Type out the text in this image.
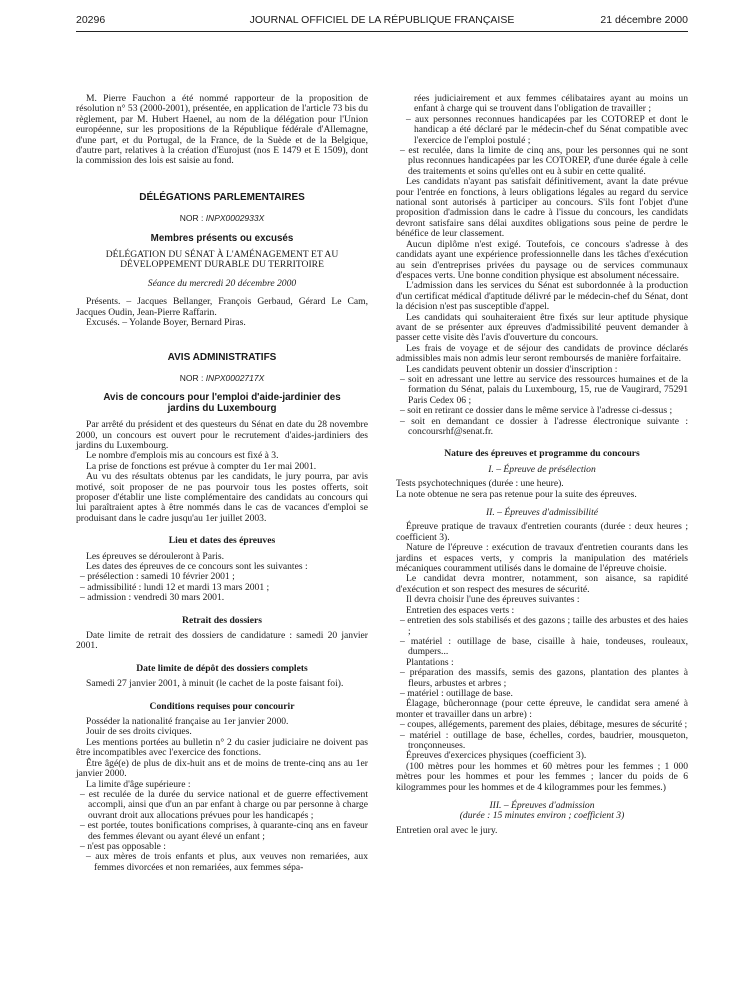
20296	JOURNAL OFFICIEL DE LA RÉPUBLIQUE FRANÇAISE	21 décembre 2000

M. Pierre Fauchon a été nommé rapporteur de la proposition de résolution n° 53 (2000-2001), présentée, en application de l'article 73 bis du règlement, par M. Hubert Haenel, au nom de la délégation pour l'Union européenne, sur les propositions de la République fédérale d'Allemagne, d'une part, et du Portugal, de la France, de la Suède et de la Belgique, d'autre part, relatives à la création d'Eurojust (nos E 1479 et E 1509), dont la commission des lois est saisie au fond.

DÉLÉGATIONS PARLEMENTAIRES
NOR : INPX0002933X
Membres présents ou excusés

DÉLÉGATION DU SÉNAT À L'AMÉNAGEMENT ET AU DÉVELOPPEMENT DURABLE DU TERRITOIRE

Séance du mercredi 20 décembre 2000

Présents. – Jacques Bellanger, François Gerbaud, Gérard Le Cam, Jacques Oudin, Jean-Pierre Raffarin.

Excusés. – Yolande Boyer, Bernard Piras.

AVIS ADMINISTRATIFS
NOR : INPX0002717X
Avis de concours pour l'emploi d'aide-jardinier des jardins du Luxembourg

Par arrêté du président et des questeurs du Sénat en date du 28 novembre 2000, un concours est ouvert pour le recrutement d'aides-jardiniers des jardins du Luxembourg.

Le nombre d'emplois mis au concours est fixé à 3.

La prise de fonctions est prévue à compter du 1er mai 2001.

Au vu des résultats obtenus par les candidats, le jury pourra, par avis motivé, soit proposer de ne pas pourvoir tous les postes offerts, soit proposer d'établir une liste complémentaire des candidats au concours qui lui paraîtraient aptes à être nommés dans le cas de vacances d'emploi se produisant dans le cadre jusqu'au 1er juillet 2003.

Lieu et dates des épreuves

Les épreuves se dérouleront à Paris.

Les dates des épreuves de ce concours sont les suivantes :

– présélection : samedi 10 février 2001 ;

– admissibilité : lundi 12 et mardi 13 mars 2001 ;

– admission : vendredi 30 mars 2001.

Retrait des dossiers

Date limite de retrait des dossiers de candidature : samedi 20 janvier 2001.

Date limite de dépôt des dossiers complets

Samedi 27 janvier 2001, à minuit (le cachet de la poste faisant foi).

Conditions requises pour concourir

Posséder la nationalité française au 1er janvier 2000.

Jouir de ses droits civiques.

Les mentions portées au bulletin n° 2 du casier judiciaire ne doivent pas être incompatibles avec l'exercice des fonctions.

Être âgé(e) de plus de dix-huit ans et de moins de trente-cinq ans au 1er janvier 2000.

La limite d'âge supérieure :

– est reculée de la durée du service national et de guerre effectivement accompli, ainsi que d'un an par enfant à charge ou par personne à charge ouvrant droit aux allocations prévues pour les handicapés ;

– est portée, toutes bonifications comprises, à quarante-cinq ans en faveur des femmes élevant ou ayant élevé un enfant ;

– n'est pas opposable :

– aux mères de trois enfants et plus, aux veuves non remariées, aux femmes divorcées et non remariées, aux femmes sépa-

rées judiciairement et aux femmes célibataires ayant au moins un enfant à charge qui se trouvent dans l'obligation de travailler ;

– aux personnes reconnues handicapées par les COTOREP et dont le handicap a été déclaré par le médecin-chef du Sénat compatible avec l'exercice de l'emploi postulé ;

– est reculée, dans la limite de cinq ans, pour les personnes qui ne sont plus reconnues handicapées par les COTOREP, d'une durée égale à celle des traitements et soins qu'elles ont eu à subir en cette qualité.

Les candidats n'ayant pas satisfait définitivement, avant la date prévue pour l'entrée en fonctions, à leurs obligations légales au regard du service national sont autorisés à participer au concours. S'ils font l'objet d'une proposition d'admission dans le cadre à l'issue du concours, les candidats devront satisfaire sans délai auxdites obligations sous peine de perdre le bénéfice de leur classement.

Aucun diplôme n'est exigé. Toutefois, ce concours s'adresse à des candidats ayant une expérience professionnelle dans les tâches d'exécution au sein d'entreprises privées du paysage ou de services communaux d'espaces verts. Une bonne condition physique est absolument nécessaire.

L'admission dans les services du Sénat est subordonnée à la production d'un certificat médical d'aptitude délivré par le médecin-chef du Sénat, dont la décision n'est pas susceptible d'appel.

Les candidats qui souhaiteraient être fixés sur leur aptitude physique avant de se présenter aux épreuves d'admissibilité peuvent demander à passer cette visite dès l'avis d'ouverture du concours.

Les frais de voyage et de séjour des candidats de province déclarés admissibles mais non admis leur seront remboursés de manière forfaitaire.

Les candidats peuvent obtenir un dossier d'inscription :

– soit en adressant une lettre au service des ressources humaines et de la formation du Sénat, palais du Luxembourg, 15, rue de Vaugirard, 75291 Paris Cedex 06 ;

– soit en retirant ce dossier dans le même service à l'adresse ci-dessus ;

– soit en demandant ce dossier à l'adresse électronique suivante : concoursrhf@senat.fr.

Nature des épreuves et programme du concours

I. – Épreuve de présélection

Tests psychotechniques (durée : une heure).

La note obtenue ne sera pas retenue pour la suite des épreuves.

II. – Épreuves d'admissibilité

Épreuve pratique de travaux d'entretien courants (durée : deux heures ; coefficient 3).

Nature de l'épreuve : exécution de travaux d'entretien courants dans les jardins et espaces verts, y compris la manipulation des matériels mécaniques couramment utilisés dans le domaine de l'épreuve choisie.

Le candidat devra montrer, notamment, son aisance, sa rapidité d'exécution et son respect des mesures de sécurité.

Il devra choisir l'une des épreuves suivantes :

Entretien des espaces verts :

– entretien des sols stabilisés et des gazons ; taille des arbustes et des haies ;

– matériel : outillage de base, cisaille à haie, tondeuses, rouleaux, dumpers...

Plantations :

– préparation des massifs, semis des gazons, plantation des plantes à fleurs, arbustes et arbres ;

– matériel : outillage de base.

Élagage, bûcheronnage (pour cette épreuve, le candidat sera amené à monter et travailler dans un arbre) :

– coupes, allégements, parement des plaies, débitage, mesures de sécurité ;

– matériel : outillage de base, échelles, cordes, baudrier, mousqueton, tronçonneuses.

Épreuves d'exercices physiques (coefficient 3).

(100 mètres pour les hommes et 60 mètres pour les femmes ; 1 000 mètres pour les hommes et pour les femmes ; lancer du poids de 6 kilogrammes pour les hommes et de 4 kilogrammes pour les femmes.)

III. – Épreuves d'admission

(durée : 15 minutes environ ; coefficient 3)

Entretien oral avec le jury.
